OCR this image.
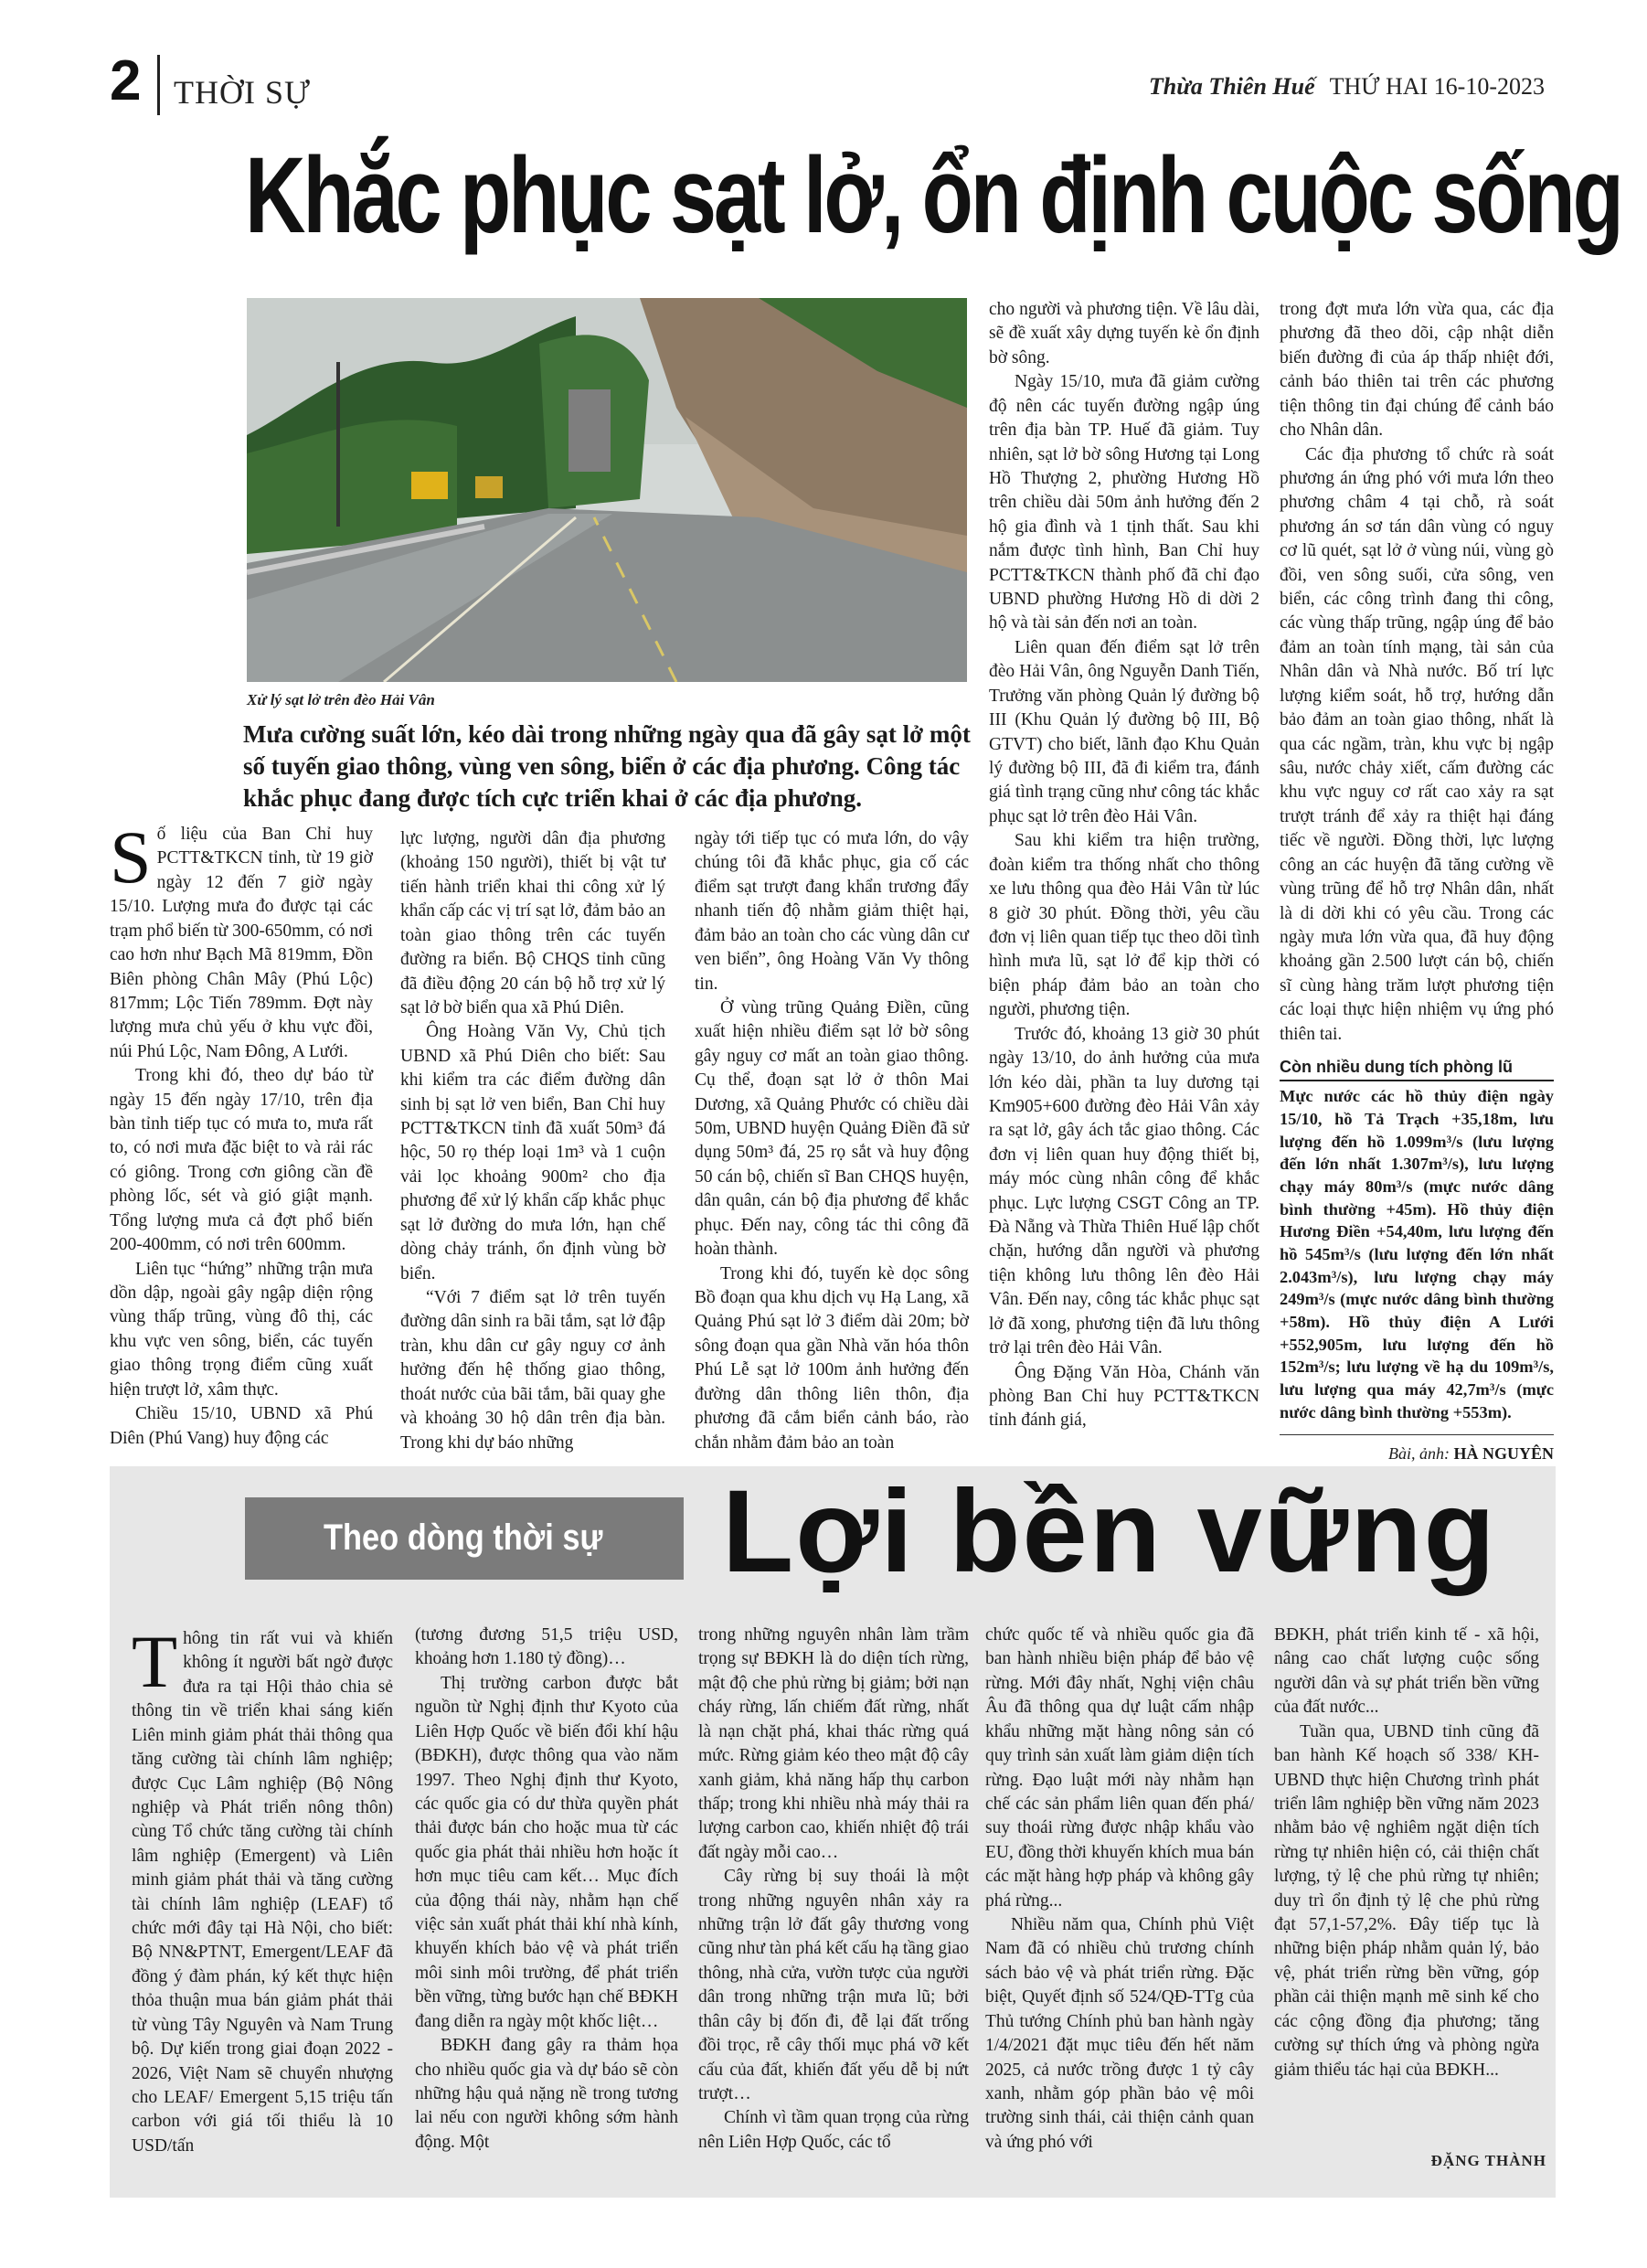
2 THỜI SỰ	Thừa Thiên Huế THỨ HAI 16-10-2023
Khắc phục sạt lở, ổn định cuộc sống
Xử lý sạt lở trên đèo Hải Vân
Mưa cường suất lớn, kéo dài trong những ngày qua đã gây sạt lở một số tuyến giao thông, vùng ven sông, biển ở các địa phương. Công tác khắc phục đang được tích cực triển khai ở các địa phương.

Số liệu của Ban Chỉ huy PCTT&TKCN tỉnh, từ 19 giờ ngày 12 đến 7 giờ ngày 15/10. Lượng mưa đo được tại các trạm phổ biến từ 300-650mm, có nơi cao hơn như Bạch Mã 819mm, Đồn Biên phòng Chân Mây (Phú Lộc) 817mm; Lộc Tiến 789mm. Đợt này lượng mưa chủ yếu ở khu vực đồi, núi Phú Lộc, Nam Đông, A Lưới.

Trong khi đó, theo dự báo từ ngày 15 đến ngày 17/10, trên địa bàn tỉnh tiếp tục có mưa to, mưa rất to, có nơi mưa đặc biệt to và rải rác có giông. Trong cơn giông cần đề phòng lốc, sét và gió giật mạnh. Tổng lượng mưa cả đợt phổ biến 200-400mm, có nơi trên 600mm.

Liên tục “hứng” những trận mưa dồn dập, ngoài gây ngập diện rộng vùng thấp trũng, vùng đô thị, các khu vực ven sông, biển, các tuyến giao thông trọng điểm cũng xuất hiện trượt lở, xâm thực.

Chiều 15/10, UBND xã Phú Diên (Phú Vang) huy động các

lực lượng, người dân địa phương (khoảng 150 người), thiết bị vật tư tiến hành triển khai thi công xử lý khẩn cấp các vị trí sạt lở, đảm bảo an toàn giao thông trên các tuyến đường ra biển. Bộ CHQS tỉnh cũng đã điều động 20 cán bộ hỗ trợ xử lý sạt lở bờ biển qua xã Phú Diên.

Ông Hoàng Văn Vy, Chủ tịch UBND xã Phú Diên cho biết: Sau khi kiểm tra các điểm đường dân sinh bị sạt lở ven biển, Ban Chỉ huy PCTT&TKCN tỉnh đã xuất 50m³ đá hộc, 50 rọ thép loại 1m³ và 1 cuộn vải lọc khoảng 900m² cho địa phương để xử lý khẩn cấp khắc phục sạt lở đường do mưa lớn, hạn chế dòng chảy tránh, ổn định vùng bờ biển.

“Với 7 điểm sạt lở trên tuyến đường dân sinh ra bãi tắm, sạt lở đập tràn, khu dân cư gây nguy cơ ảnh hưởng đến hệ thống giao thông, thoát nước của bãi tắm, bãi quay ghe và khoảng 30 hộ dân trên địa bàn. Trong khi dự báo những

ngày tới tiếp tục có mưa lớn, do vậy chúng tôi đã khắc phục, gia cố các điểm sạt trượt đang khẩn trương đẩy nhanh tiến độ nhằm giảm thiệt hại, đảm bảo an toàn cho các vùng dân cư ven biển”, ông Hoàng Văn Vy thông tin.

Ở vùng trũng Quảng Điền, cũng xuất hiện nhiều điểm sạt lở bờ sông gây nguy cơ mất an toàn giao thông. Cụ thể, đoạn sạt lở ở thôn Mai Dương, xã Quảng Phước có chiều dài 50m, UBND huyện Quảng Điền đã sử dụng 50m³ đá, 25 rọ sắt và huy động 50 cán bộ, chiến sĩ Ban CHQS huyện, dân quân, cán bộ địa phương để khắc phục. Đến nay, công tác thi công đã hoàn thành.

Trong khi đó, tuyến kè dọc sông Bồ đoạn qua khu dịch vụ Hạ Lang, xã Quảng Phú sạt lở 3 điểm dài 20m; bờ sông đoạn qua gần Nhà văn hóa thôn Phú Lễ sạt lở 100m ảnh hưởng đến đường dân thông liên thôn, địa phương đã cắm biển cảnh báo, rào chắn nhằm đảm bảo an toàn

cho người và phương tiện. Về lâu dài, sẽ đề xuất xây dựng tuyến kè ổn định bờ sông.

Ngày 15/10, mưa đã giảm cường độ nên các tuyến đường ngập úng trên địa bàn TP. Huế đã giảm. Tuy nhiên, sạt lở bờ sông Hương tại Long Hồ Thượng 2, phường Hương Hồ trên chiều dài 50m ảnh hưởng đến 2 hộ gia đình và 1 tịnh thất. Sau khi nắm được tình hình, Ban Chỉ huy PCTT&TKCN thành phố đã chỉ đạo UBND phường Hương Hồ di dời 2 hộ và tài sản đến nơi an toàn.

Liên quan đến điểm sạt lở trên đèo Hải Vân, ông Nguyễn Danh Tiến, Trưởng văn phòng Quản lý đường bộ III (Khu Quản lý đường bộ III, Bộ GTVT) cho biết, lãnh đạo Khu Quản lý đường bộ III, đã đi kiểm tra, đánh giá tình trạng cũng như công tác khắc phục sạt lở trên đèo Hải Vân.

Sau khi kiểm tra hiện trường, đoàn kiểm tra thống nhất cho thông xe lưu thông qua đèo Hải Vân từ lúc 8 giờ 30 phút. Đồng thời, yêu cầu đơn vị liên quan tiếp tục theo dõi tình hình mưa lũ, sạt lở để kịp thời có biện pháp đảm bảo an toàn cho người, phương tiện.

Trước đó, khoảng 13 giờ 30 phút ngày 13/10, do ảnh hưởng của mưa lớn kéo dài, phần ta luy dương tại Km905+600 đường đèo Hải Vân xảy ra sạt lở, gây ách tắc giao thông. Các đơn vị liên quan huy động thiết bị, máy móc cùng nhân công để khắc phục. Lực lượng CSGT Công an TP. Đà Nẵng và Thừa Thiên Huế lập chốt chặn, hướng dẫn người và phương tiện không lưu thông lên đèo Hải Vân. Đến nay, công tác khắc phục sạt lở đã xong, phương tiện đã lưu thông trở lại trên đèo Hải Vân.

Ông Đặng Văn Hòa, Chánh văn phòng Ban Chỉ huy PCTT&TKCN tỉnh đánh giá,

trong đợt mưa lớn vừa qua, các địa phương đã theo dõi, cập nhật diễn biến đường đi của áp thấp nhiệt đới, cảnh báo thiên tai trên các phương tiện thông tin đại chúng để cảnh báo cho Nhân dân.

Các địa phương tổ chức rà soát phương án ứng phó với mưa lớn theo phương châm 4 tại chỗ, rà soát phương án sơ tán dân vùng có nguy cơ lũ quét, sạt lở ở vùng núi, vùng gò đồi, ven sông suối, cửa sông, ven biển, các công trình đang thi công, các vùng thấp trũng, ngập úng để bảo đảm an toàn tính mạng, tài sản của Nhân dân và Nhà nước. Bố trí lực lượng kiểm soát, hỗ trợ, hướng dẫn bảo đảm an toàn giao thông, nhất là qua các ngầm, tràn, khu vực bị ngập sâu, nước chảy xiết, cấm đường các khu vực nguy cơ rất cao xảy ra sạt trượt tránh để xảy ra thiệt hại đáng tiếc về người. Đồng thời, lực lượng công an các huyện đã tăng cường về vùng trũng để hỗ trợ Nhân dân, nhất là di dời khi có yêu cầu. Trong các ngày mưa lớn vừa qua, đã huy động khoảng gần 2.500 lượt cán bộ, chiến sĩ cùng hàng trăm lượt phương tiện các loại thực hiện nhiệm vụ ứng phó thiên tai.

Còn nhiều dung tích phòng lũ
Mực nước các hồ thủy điện ngày 15/10, hồ Tả Trạch +35,18m, lưu lượng đến hồ 1.099m³/s (lưu lượng đến lớn nhất 1.307m³/s), lưu lượng chạy máy 80m³/s (mực nước dâng bình thường +45m). Hồ thủy điện Hương Điền +54,40m, lưu lượng đến hồ 545m³/s (lưu lượng đến lớn nhất 2.043m³/s), lưu lượng chạy máy 249m³/s (mực nước dâng bình thường +58m). Hồ thủy điện A Lưới +552,905m, lưu lượng đến hồ 152m³/s; lưu lượng về hạ du 109m³/s, lưu lượng qua máy 42,7m³/s (mực nước dâng bình thường +553m).
Bài, ảnh: HÀ NGUYÊN
Theo dòng thời sự Lợi bền vững

Thông tin rất vui và khiến không ít người bất ngờ được đưa ra tại Hội thảo chia sẻ thông tin về triển khai sáng kiến Liên minh giảm phát thải thông qua tăng cường tài chính lâm nghiệp; được Cục Lâm nghiệp (Bộ Nông nghiệp và Phát triển nông thôn) cùng Tổ chức tăng cường tài chính lâm nghiệp (Emergent) và Liên minh giảm phát thải và tăng cường tài chính lâm nghiệp (LEAF) tổ chức mới đây tại Hà Nội, cho biết: Bộ NN&PTNT, Emergent/LEAF đã đồng ý đàm phán, ký kết thực hiện thỏa thuận mua bán giảm phát thải từ vùng Tây Nguyên và Nam Trung bộ. Dự kiến trong giai đoạn 2022 - 2026, Việt Nam sẽ chuyển nhượng cho LEAF/ Emergent 5,15 triệu tấn carbon với giá tối thiểu là 10 USD/tấn

(tương đương 51,5 triệu USD, khoảng hơn 1.180 tỷ đồng)…

Thị trường carbon được bắt nguồn từ Nghị định thư Kyoto của Liên Hợp Quốc về biến đổi khí hậu (BĐKH), được thông qua vào năm 1997. Theo Nghị định thư Kyoto, các quốc gia có dư thừa quyền phát thải được bán cho hoặc mua từ các quốc gia phát thải nhiều hơn hoặc ít hơn mục tiêu cam kết… Mục đích của động thái này, nhằm hạn chế việc sản xuất phát thải khí nhà kính, khuyến khích bảo vệ và phát triển môi sinh môi trường, để phát triển bền vững, từng bước hạn chế BĐKH đang diễn ra ngày một khốc liệt…

BĐKH đang gây ra thảm họa cho nhiều quốc gia và dự báo sẽ còn những hậu quả nặng nề trong tương lai nếu con người không sớm hành động. Một

trong những nguyên nhân làm trầm trọng sự BĐKH là do diện tích rừng, mật độ che phủ rừng bị giảm; bởi nạn cháy rừng, lấn chiếm đất rừng, nhất là nạn chặt phá, khai thác rừng quá mức. Rừng giảm kéo theo mật độ cây xanh giảm, khả năng hấp thụ carbon thấp; trong khi nhiều nhà máy thải ra lượng carbon cao, khiến nhiệt độ trái đất ngày mỗi cao…

Cây rừng bị suy thoái là một trong những nguyên nhân xảy ra những trận lở đất gây thương vong cũng như tàn phá kết cấu hạ tầng giao thông, nhà cửa, vườn tược của người dân trong những trận mưa lũ; bởi thân cây bị đốn đi, đễ lại đất trống đồi trọc, rễ cây thối mục phá vỡ kết cấu của đất, khiến đất yếu dễ bị nứt trượt…

Chính vì tầm quan trọng của rừng nên Liên Hợp Quốc, các tổ

chức quốc tế và nhiều quốc gia đã ban hành nhiều biện pháp để bảo vệ rừng. Mới đây nhất, Nghị viện châu Âu đã thông qua dự luật cấm nhập khẩu những mặt hàng nông sản có quy trình sản xuất làm giảm diện tích rừng. Đạo luật mới này nhằm hạn chế các sản phẩm liên quan đến phá/ suy thoái rừng được nhập khẩu vào EU, đồng thời khuyến khích mua bán các mặt hàng hợp pháp và không gây phá rừng...

Nhiều năm qua, Chính phủ Việt Nam đã có nhiều chủ trương chính sách bảo vệ và phát triển rừng. Đặc biệt, Quyết định số 524/QĐ-TTg của Thủ tướng Chính phủ ban hành ngày 1/4/2021 đặt mục tiêu đến hết năm 2025, cả nước trồng được 1 tỷ cây xanh, nhằm góp phần bảo vệ môi trường sinh thái, cải thiện cảnh quan và ứng phó với

BĐKH, phát triển kinh tế - xã hội, nâng cao chất lượng cuộc sống người dân và sự phát triển bền vững của đất nước...

Tuần qua, UBND tỉnh cũng đã ban hành Kế hoạch số 338/ KH-UBND thực hiện Chương trình phát triển lâm nghiệp bền vững năm 2023 nhằm bảo vệ nghiêm ngặt diện tích rừng tự nhiên hiện có, cải thiện chất lượng, tỷ lệ che phủ rừng tự nhiên; duy trì ổn định tỷ lệ che phủ rừng đạt 57,1-57,2%. Đây tiếp tục là những biện pháp nhằm quản lý, bảo vệ, phát triển rừng bền vững, góp phần cải thiện mạnh mẽ sinh kế cho các cộng đồng địa phương; tăng cường sự thích ứng và phòng ngừa giảm thiểu tác hại của BĐKH...

ĐẶNG THÀNH
